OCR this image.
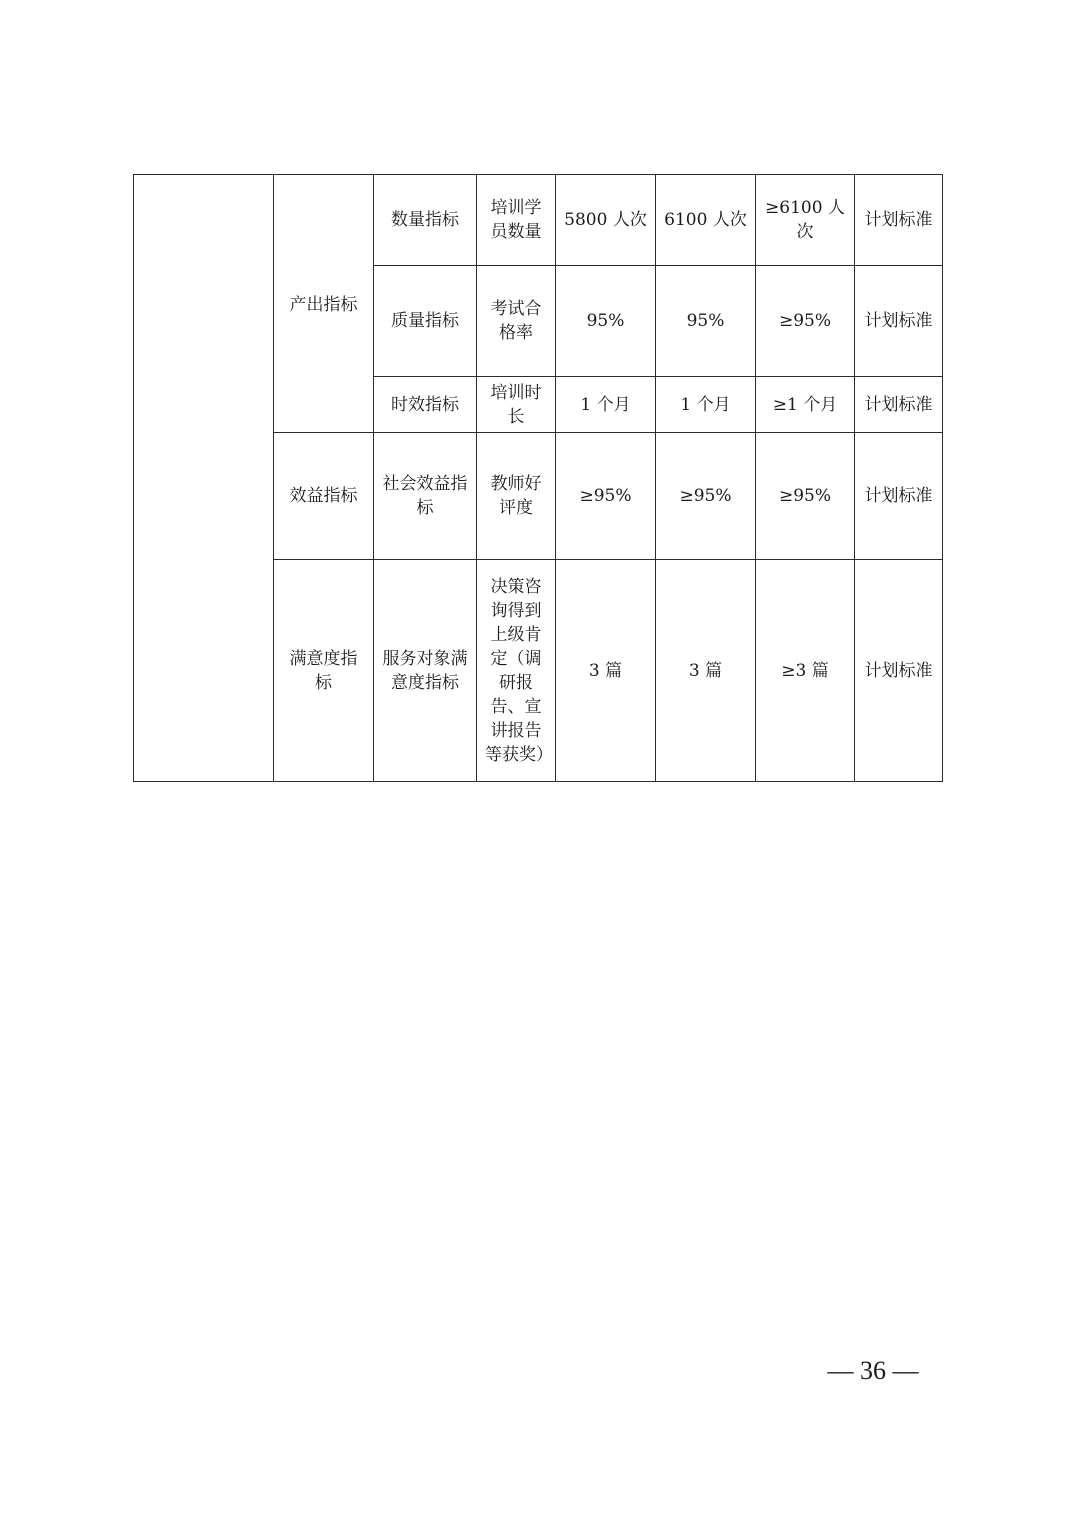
	产出指标	数量指标	培训学员数量	5800 人次	6100 人次	≥6100 人次	计划标准
		质量指标	考试合格率	95%	95%	≥95%	计划标准
		时效指标	培训时长	1 个月	1 个月	≥1 个月	计划标准
	效益指标	社会效益指标	教师好评度	≥95%	≥95%	≥95%	计划标准
	满意度指标	服务对象满意度指标	决策咨询得到上级肯定（调研报告、宣讲报告等获奖）	3 篇	3 篇	≥3 篇	计划标准
— 36 —
